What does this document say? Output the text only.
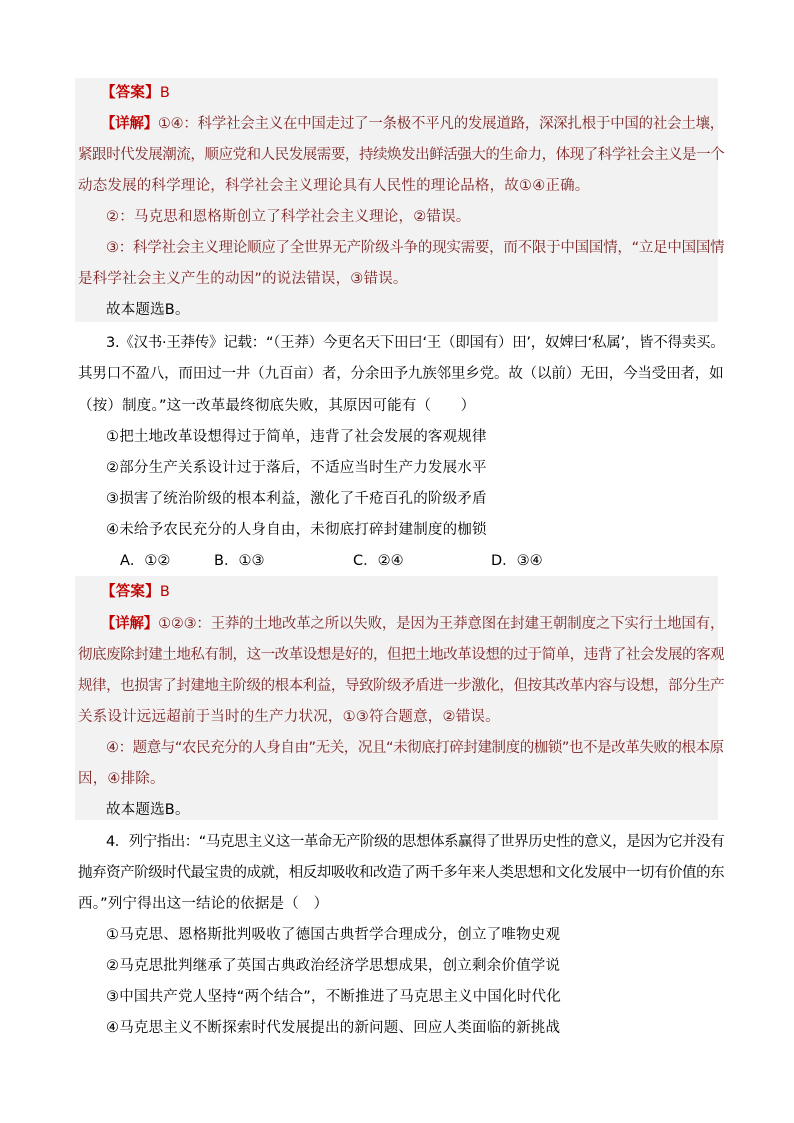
【答案】B
【详解】①④：科学社会主义在中国走过了一条极不平凡的发展道路，深深扎根于中国的社会土壤，
紧跟时代发展潮流，顺应党和人民发展需要，持续焕发出鲜活强大的生命力，体现了科学社会主义是一个
动态发展的科学理论，科学社会主义理论具有人民性的理论品格，故①④正确。
②：马克思和恩格斯创立了科学社会主义理论，②错误。
③：科学社会主义理论顺应了全世界无产阶级斗争的现实需要，而不限于中国国情，“立足中国国情
是科学社会主义产生的动因”的说法错误，③错误。
故本题选B。
3.《汉书·王莽传》记载：“（王莽）今更名天下田曰‘王（即国有）田’，奴婢曰‘私属’，皆不得卖买。
其男口不盈八，而田过一井（九百亩）者，分余田予九族邻里乡党。故（以前）无田，今当受田者，如
（按）制度。”这一改革最终彻底失败，其原因可能有（　　）
①把土地改革设想得过于简单，违背了社会发展的客观规律
②部分生产关系设计过于落后，不适应当时生产力发展水平
③损害了统治阶级的根本利益，激化了千疮百孔的阶级矛盾
④未给予农民充分的人身自由，未彻底打碎封建制度的枷锁
A．①②	B．①③	C．②④	D．③④
【答案】B
【详解】①②③：王莽的土地改革之所以失败，是因为王莽意图在封建王朝制度之下实行土地国有，
彻底废除封建土地私有制，这一改革设想是好的，但把土地改革设想的过于简单，违背了社会发展的客观
规律，也损害了封建地主阶级的根本利益，导致阶级矛盾进一步激化，但按其改革内容与设想，部分生产
关系设计远远超前于当时的生产力状况，①③符合题意，②错误。
④：题意与“农民充分的人身自由”无关，况且“未彻底打碎封建制度的枷锁”也不是改革失败的根本原
因，④排除。
故本题选B。
4．列宁指出：“马克思主义这一革命无产阶级的思想体系赢得了世界历史性的意义，是因为它并没有
抛弃资产阶级时代最宝贵的成就，相反却吸收和改造了两千多年来人类思想和文化发展中一切有价值的东
西。”列宁得出这一结论的依据是（　）
①马克思、恩格斯批判吸收了德国古典哲学合理成分，创立了唯物史观
②马克思批判继承了英国古典政治经济学思想成果，创立剩余价值学说
③中国共产党人坚持“两个结合”，不断推进了马克思主义中国化时代化
④马克思主义不断探索时代发展提出的新问题、回应人类面临的新挑战
